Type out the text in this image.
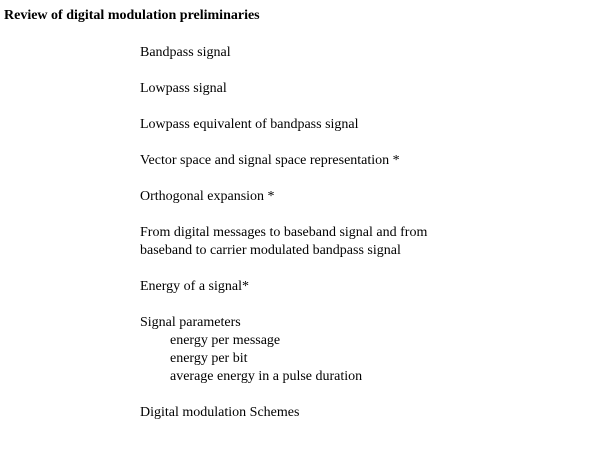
Review of digital modulation preliminaries
Bandpass signal
Lowpass signal
Lowpass equivalent of bandpass signal
Vector space and signal space representation *
Orthogonal expansion *
From digital messages to baseband signal and from
baseband to carrier modulated bandpass signal
Energy of a signal*
Signal parameters
energy per message
energy per bit
average energy in a pulse duration
Digital modulation Schemes
